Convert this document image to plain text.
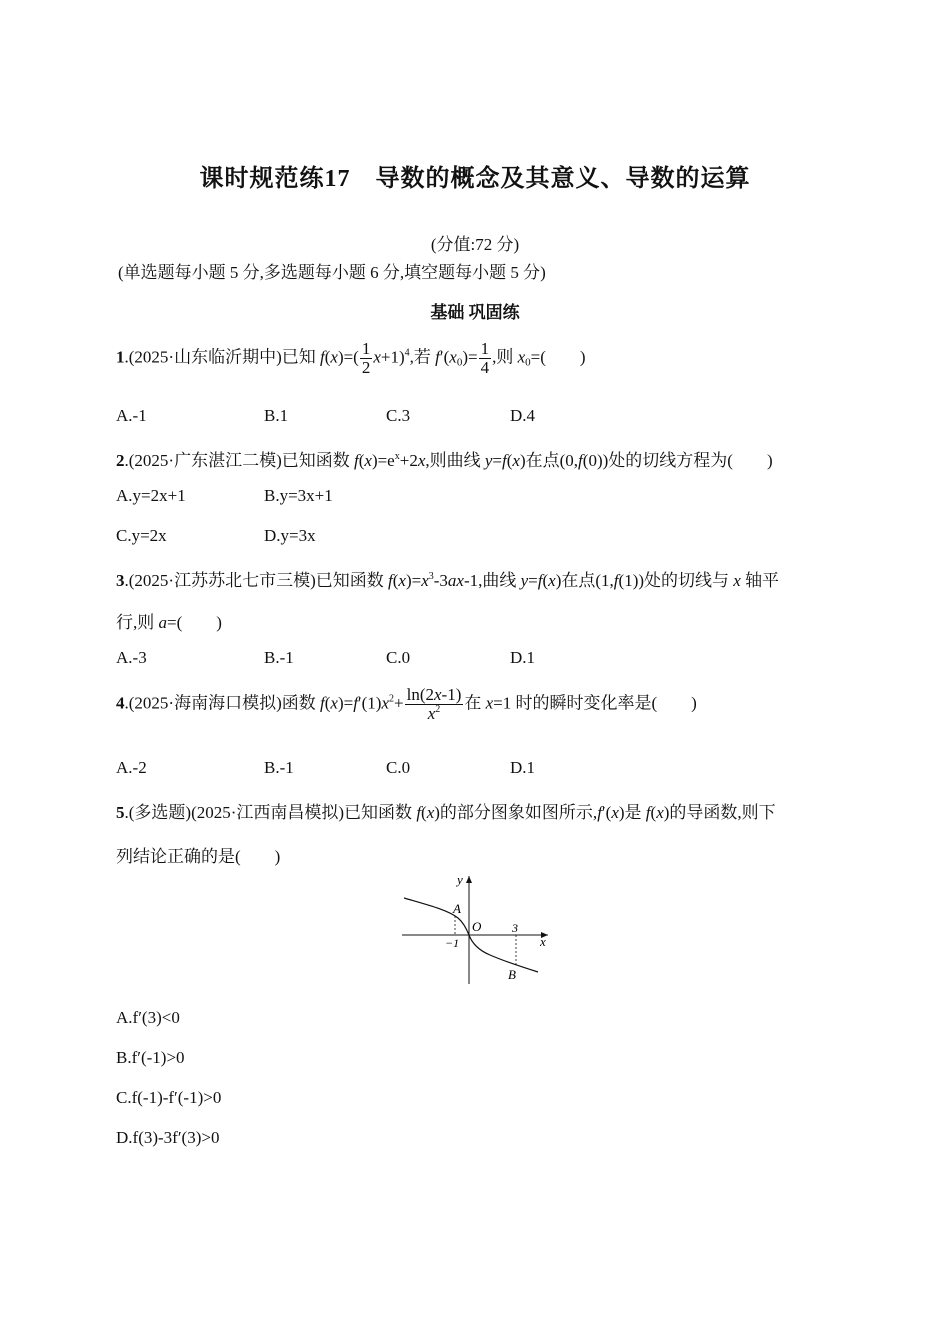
课时规范练17　导数的概念及其意义、导数的运算
(分值:72 分)
(单选题每小题 5 分,多选题每小题 6 分,填空题每小题 5 分)
基础 巩固练
1.(2025·山东临沂期中)已知 $f(x)=( \frac{1}{2} x+1)^4$,若 $f'(x_0)= \frac{1}{4}$ ,则 $x_0=$( )
A.-1	B.1	C.3	D.4
2.(2025·广东湛江二模)已知函数 $f(x)=e^x+2x$,则曲线 y=f(x)在点(0,f(0))处的切线方程为( )
A.y=2x+1	B.y=3x+1
C.y=2x	D.y=3x
3.(2025·江苏苏北七市三模)已知函数 $f(x)=x^3-3ax-1$,曲线 y=f(x)在点(1,f(1))处的切线与 x 轴平
行,则 a=( )
A.-3	B.-1	C.0	D.1
4.(2025·海南海口模拟)函数 $f(x)=f'(1)x^2+ \frac{\ln(2x-1)}{x^2}$ 在 x=1 时的瞬时变化率是( )
A.-2	B.-1	C.0	D.1
5.(多选题)(2025·江西南昌模拟)已知函数 f(x)的部分图象如图所示,f′(x)是 f(x)的导函数,则下
列结论正确的是( )
y
x
A
O
B
−1
3
A.f′(3)<0
B.f′(-1)>0
C.f(-1)-f′(-1)>0
D.f(3)-3f′(3)>0
